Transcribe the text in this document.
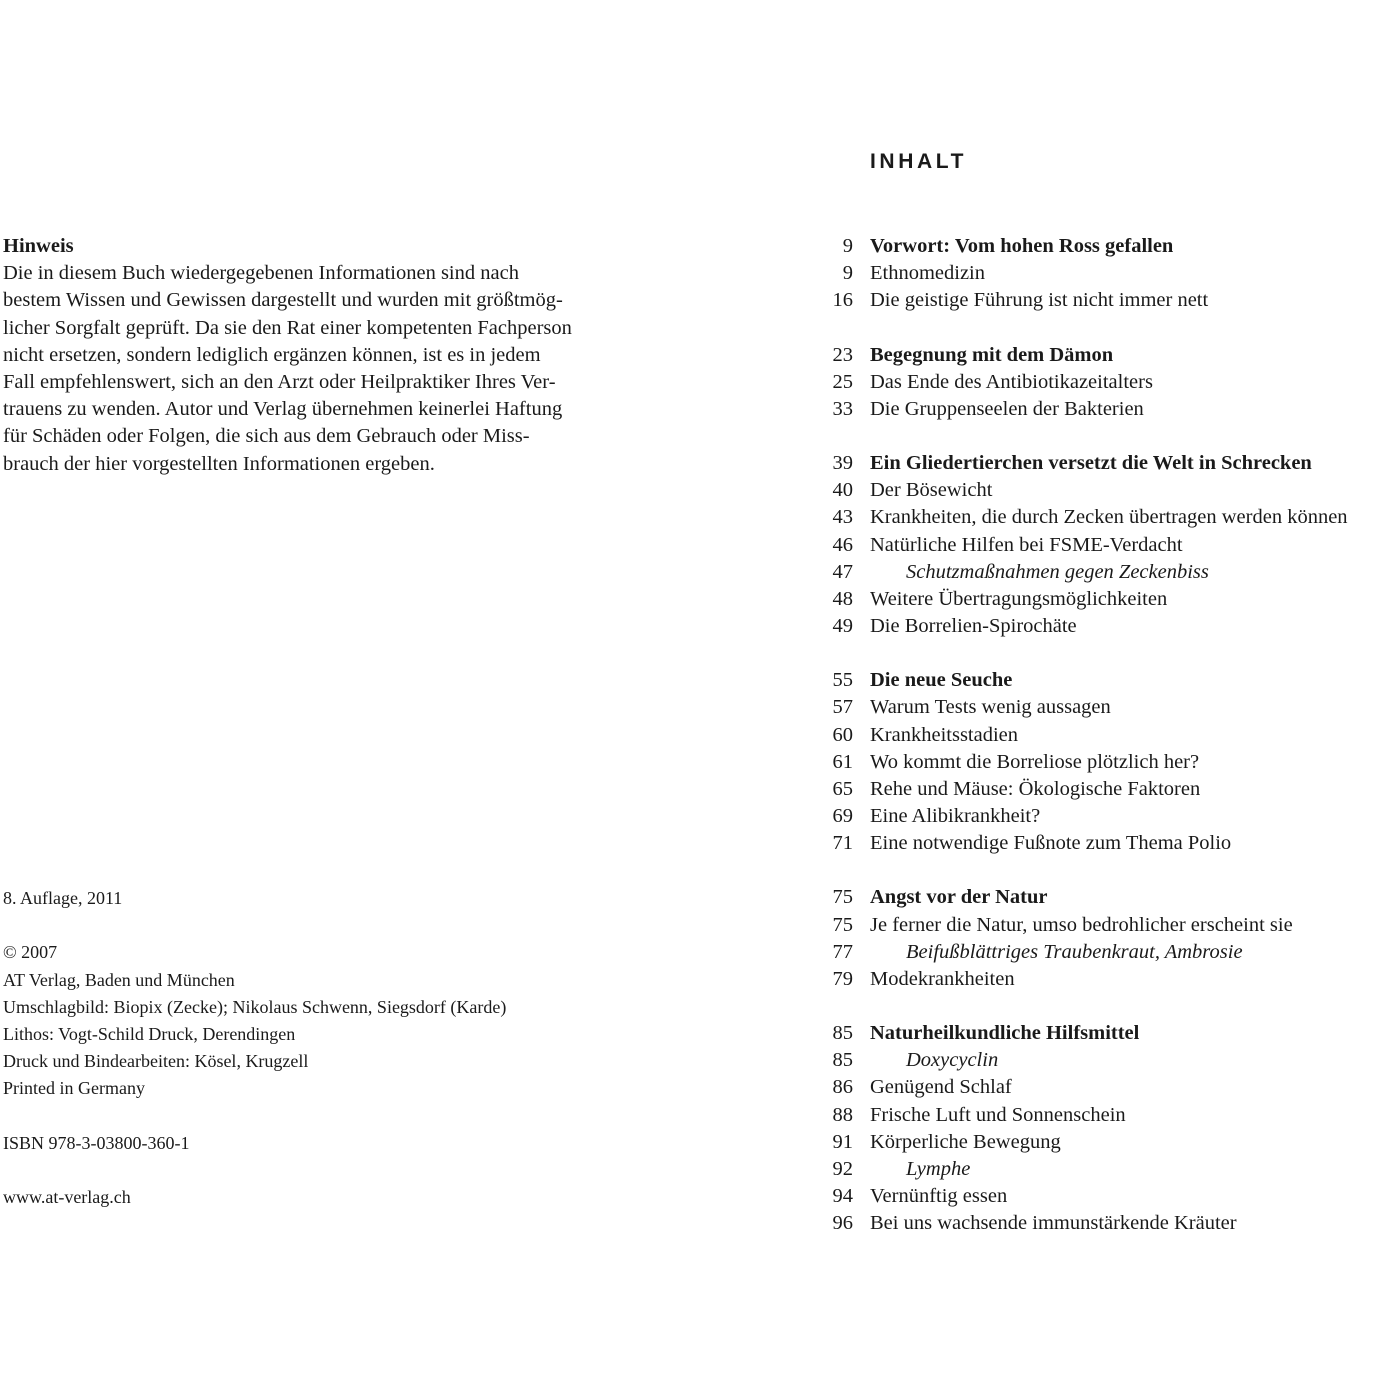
Hinweis
Die in diesem Buch wiedergegebenen Informationen sind nach
bestem Wissen und Gewissen dargestellt und wurden mit größtmög-
licher Sorgfalt geprüft. Da sie den Rat einer kompetenten Fachperson
nicht ersetzen, sondern lediglich ergänzen können, ist es in jedem
Fall empfehlenswert, sich an den Arzt oder Heilpraktiker Ihres Ver-
trauens zu wenden. Autor und Verlag übernehmen keinerlei Haftung
für Schäden oder Folgen, die sich aus dem Gebrauch oder Miss-
brauch der hier vorgestellten Informationen ergeben.
8. Auflage, 2011
© 2007
AT Verlag, Baden und München
Umschlagbild: Biopix (Zecke); Nikolaus Schwenn, Siegsdorf (Karde)
Lithos: Vogt-Schild Druck, Derendingen
Druck und Bindearbeiten: Kösel, Krugzell
Printed in Germany
ISBN 978-3-03800-360-1
www.at-verlag.ch
INHALT
9 Vorwort: Vom hohen Ross gefallen
9 Ethnomedizin
16 Die geistige Führung ist nicht immer nett
23 Begegnung mit dem Dämon
25 Das Ende des Antibiotikazeitalters
33 Die Gruppenseelen der Bakterien
39 Ein Gliedertierchen versetzt die Welt in Schrecken
40 Der Bösewicht
43 Krankheiten, die durch Zecken übertragen werden können
46 Natürliche Hilfen bei FSME-Verdacht
47	Schutzmaßnahmen gegen Zeckenbiss
48 Weitere Übertragungsmöglichkeiten
49 Die Borrelien-Spirochäte
55 Die neue Seuche
57 Warum Tests wenig aussagen
60 Krankheitsstadien
61 Wo kommt die Borreliose plötzlich her?
65 Rehe und Mäuse: Ökologische Faktoren
69 Eine Alibikrankheit?
71 Eine notwendige Fußnote zum Thema Polio
75 Angst vor der Natur
75 Je ferner die Natur, umso bedrohlicher erscheint sie
77	Beifußblättriges Traubenkraut, Ambrosie
79 Modekrankheiten
85 Naturheilkundliche Hilfsmittel
85	Doxycyclin
86 Genügend Schlaf
88 Frische Luft und Sonnenschein
91 Körperliche Bewegung
92	Lymphe
94 Vernünftig essen
96 Bei uns wachsende immunstärkende Kräuter
